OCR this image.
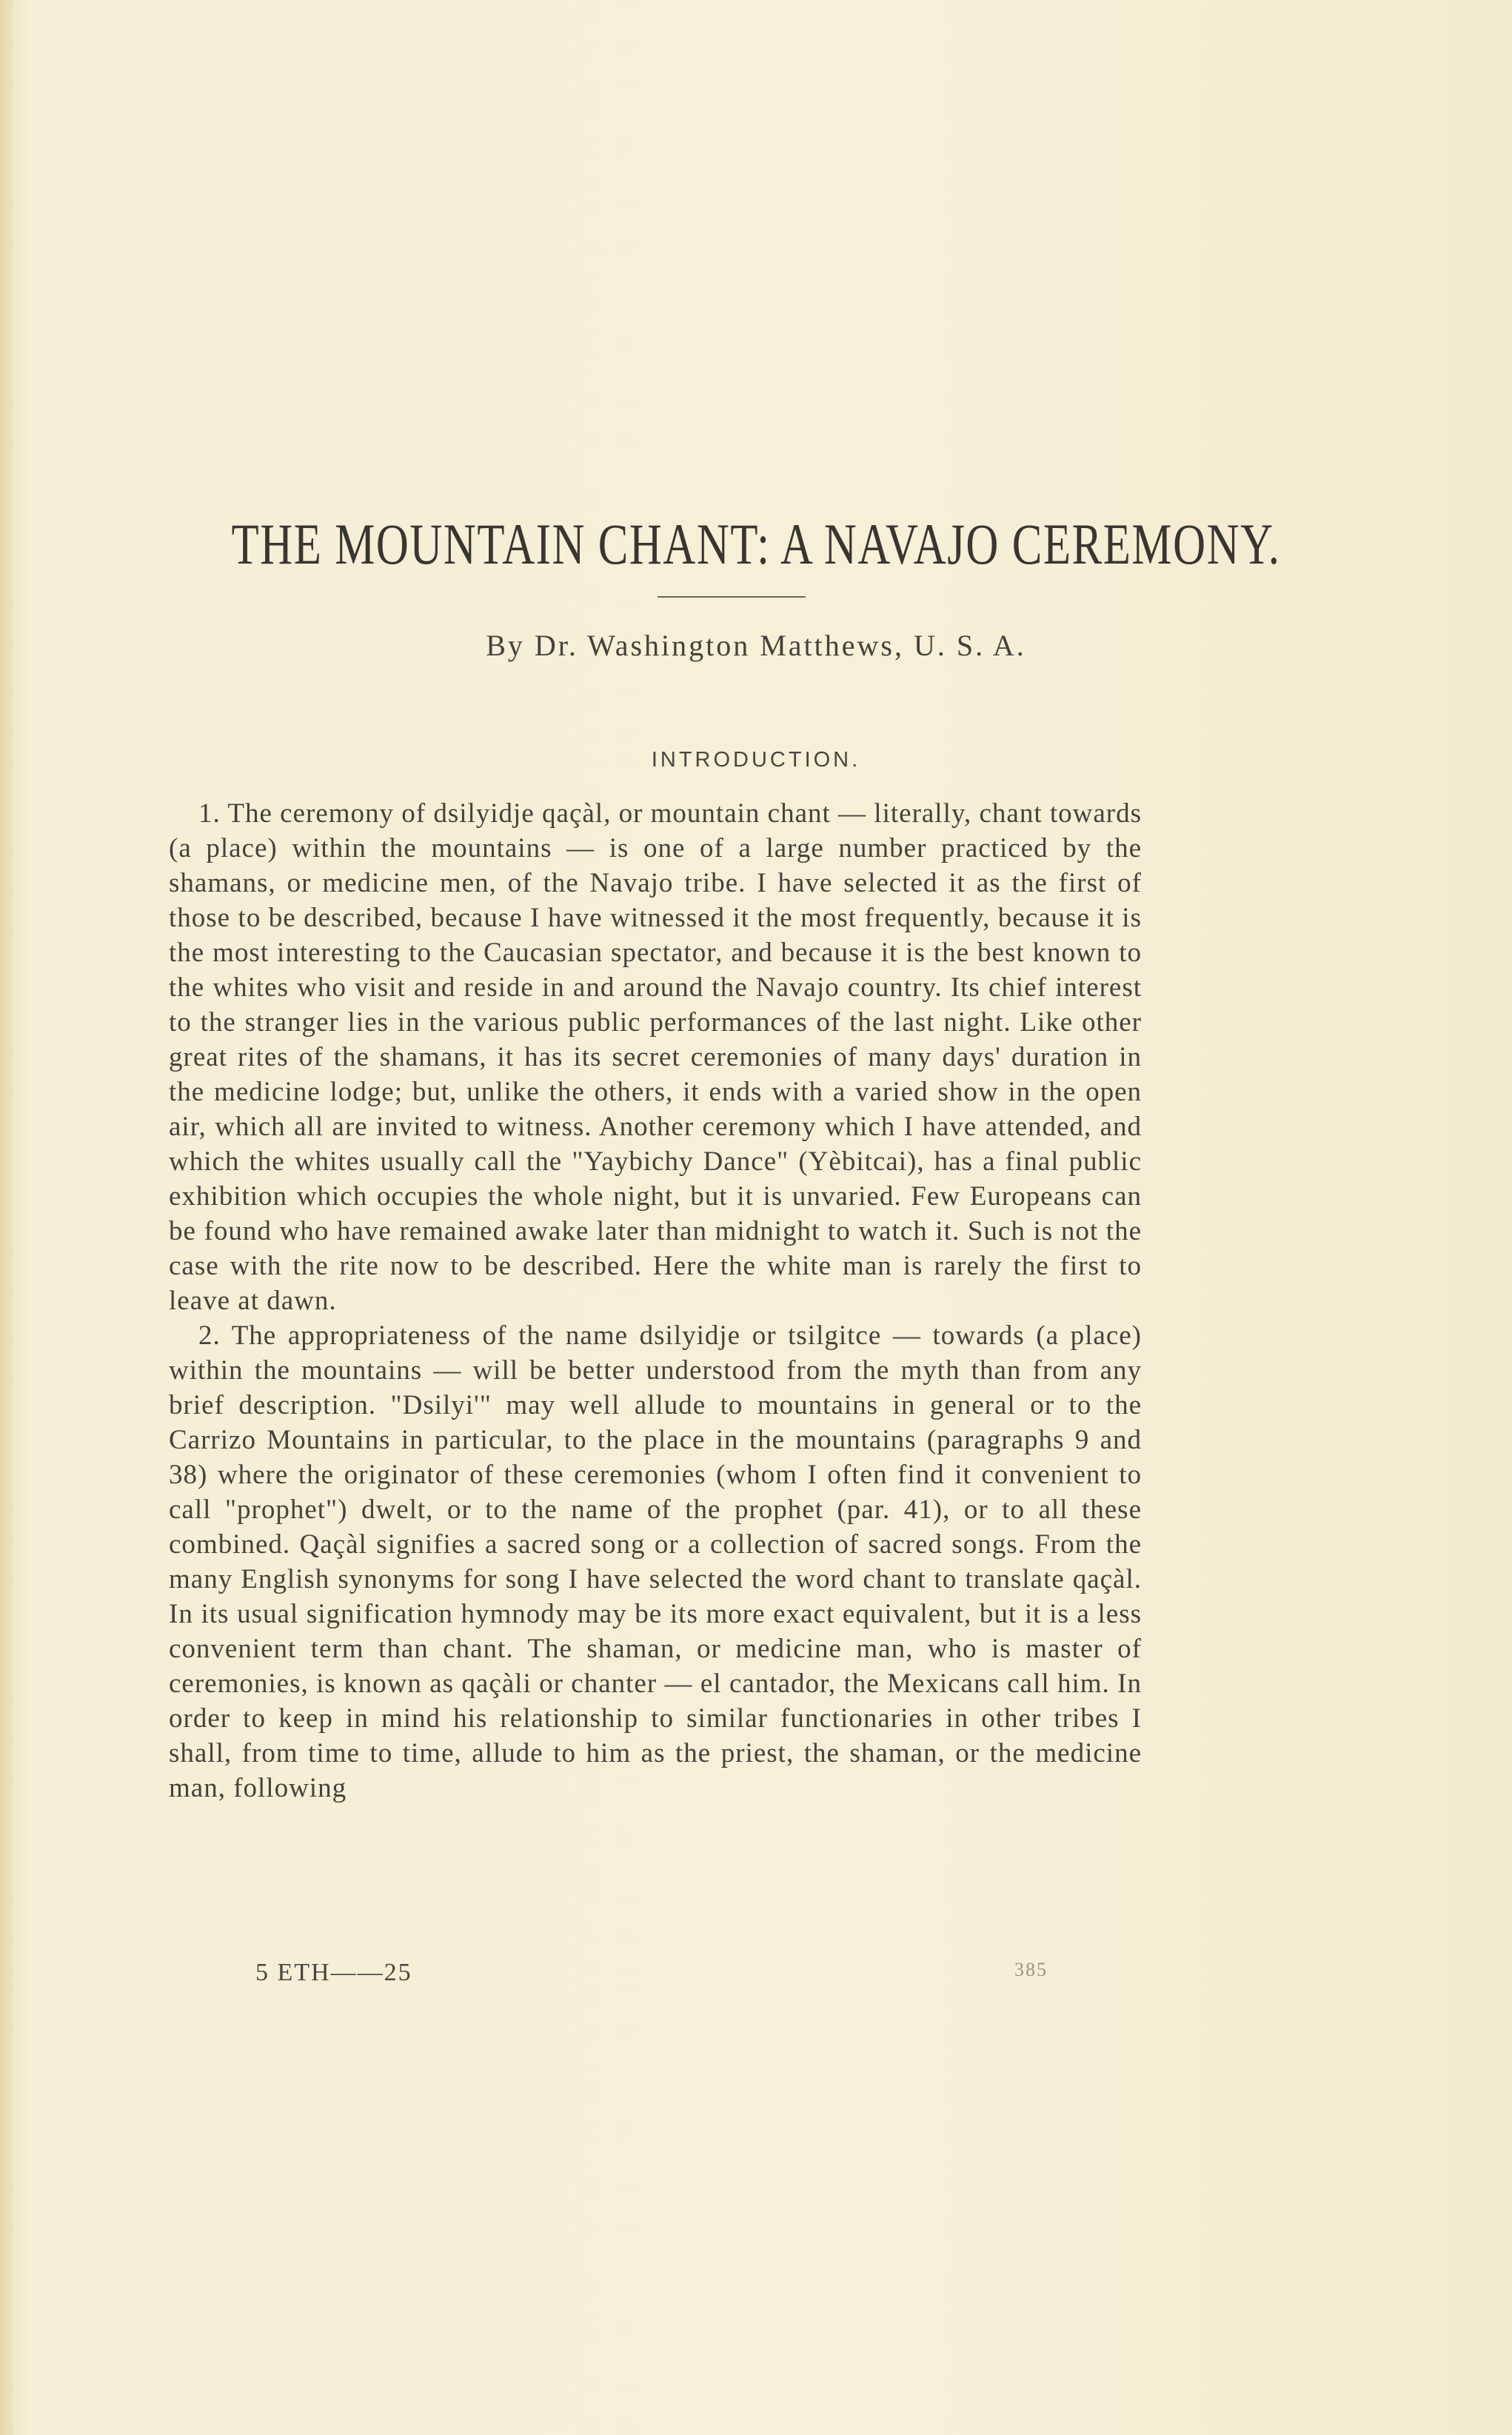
THE MOUNTAIN CHANT: A NAVAJO CEREMONY.
By Dr. Washington Matthews, U. S. A.
INTRODUCTION.

1. The ceremony of dsilyidje qaçàl, or mountain chant — literally, chant towards (a place) within the mountains — is one of a large number practiced by the shamans, or medicine men, of the Navajo tribe. I have selected it as the first of those to be described, because I have witnessed it the most frequently, because it is the most interesting to the Caucasian spectator, and because it is the best known to the whites who visit and reside in and around the Navajo country. Its chief interest to the stranger lies in the various public performances of the last night. Like other great rites of the shamans, it has its secret ceremonies of many days' duration in the medicine lodge; but, unlike the others, it ends with a varied show in the open air, which all are invited to witness. Another ceremony which I have attended, and which the whites usually call the "Yaybichy Dance" (Yèbitcai), has a final public exhibition which occupies the whole night, but it is unvaried. Few Europeans can be found who have remained awake later than midnight to watch it. Such is not the case with the rite now to be described. Here the white man is rarely the first to leave at dawn.

2. The appropriateness of the name dsilyidje or tsilgitce — towards (a place) within the mountains — will be better understood from the myth than from any brief description. "Dsilyi'" may well allude to mountains in general or to the Carrizo Mountains in particular, to the place in the mountains (paragraphs 9 and 38) where the originator of these ceremonies (whom I often find it convenient to call "prophet") dwelt, or to the name of the prophet (par. 41), or to all these combined. Qaçàl signifies a sacred song or a collection of sacred songs. From the many English synonyms for song I have selected the word chant to translate qaçàl. In its usual signification hymnody may be its more exact equivalent, but it is a less convenient term than chant. The shaman, or medicine man, who is master of ceremonies, is known as qaçàli or chanter — el cantador, the Mexicans call him. In order to keep in mind his relationship to similar functionaries in other tribes I shall, from time to time, allude to him as the priest, the shaman, or the medicine man, following

5 ETH——25	385
